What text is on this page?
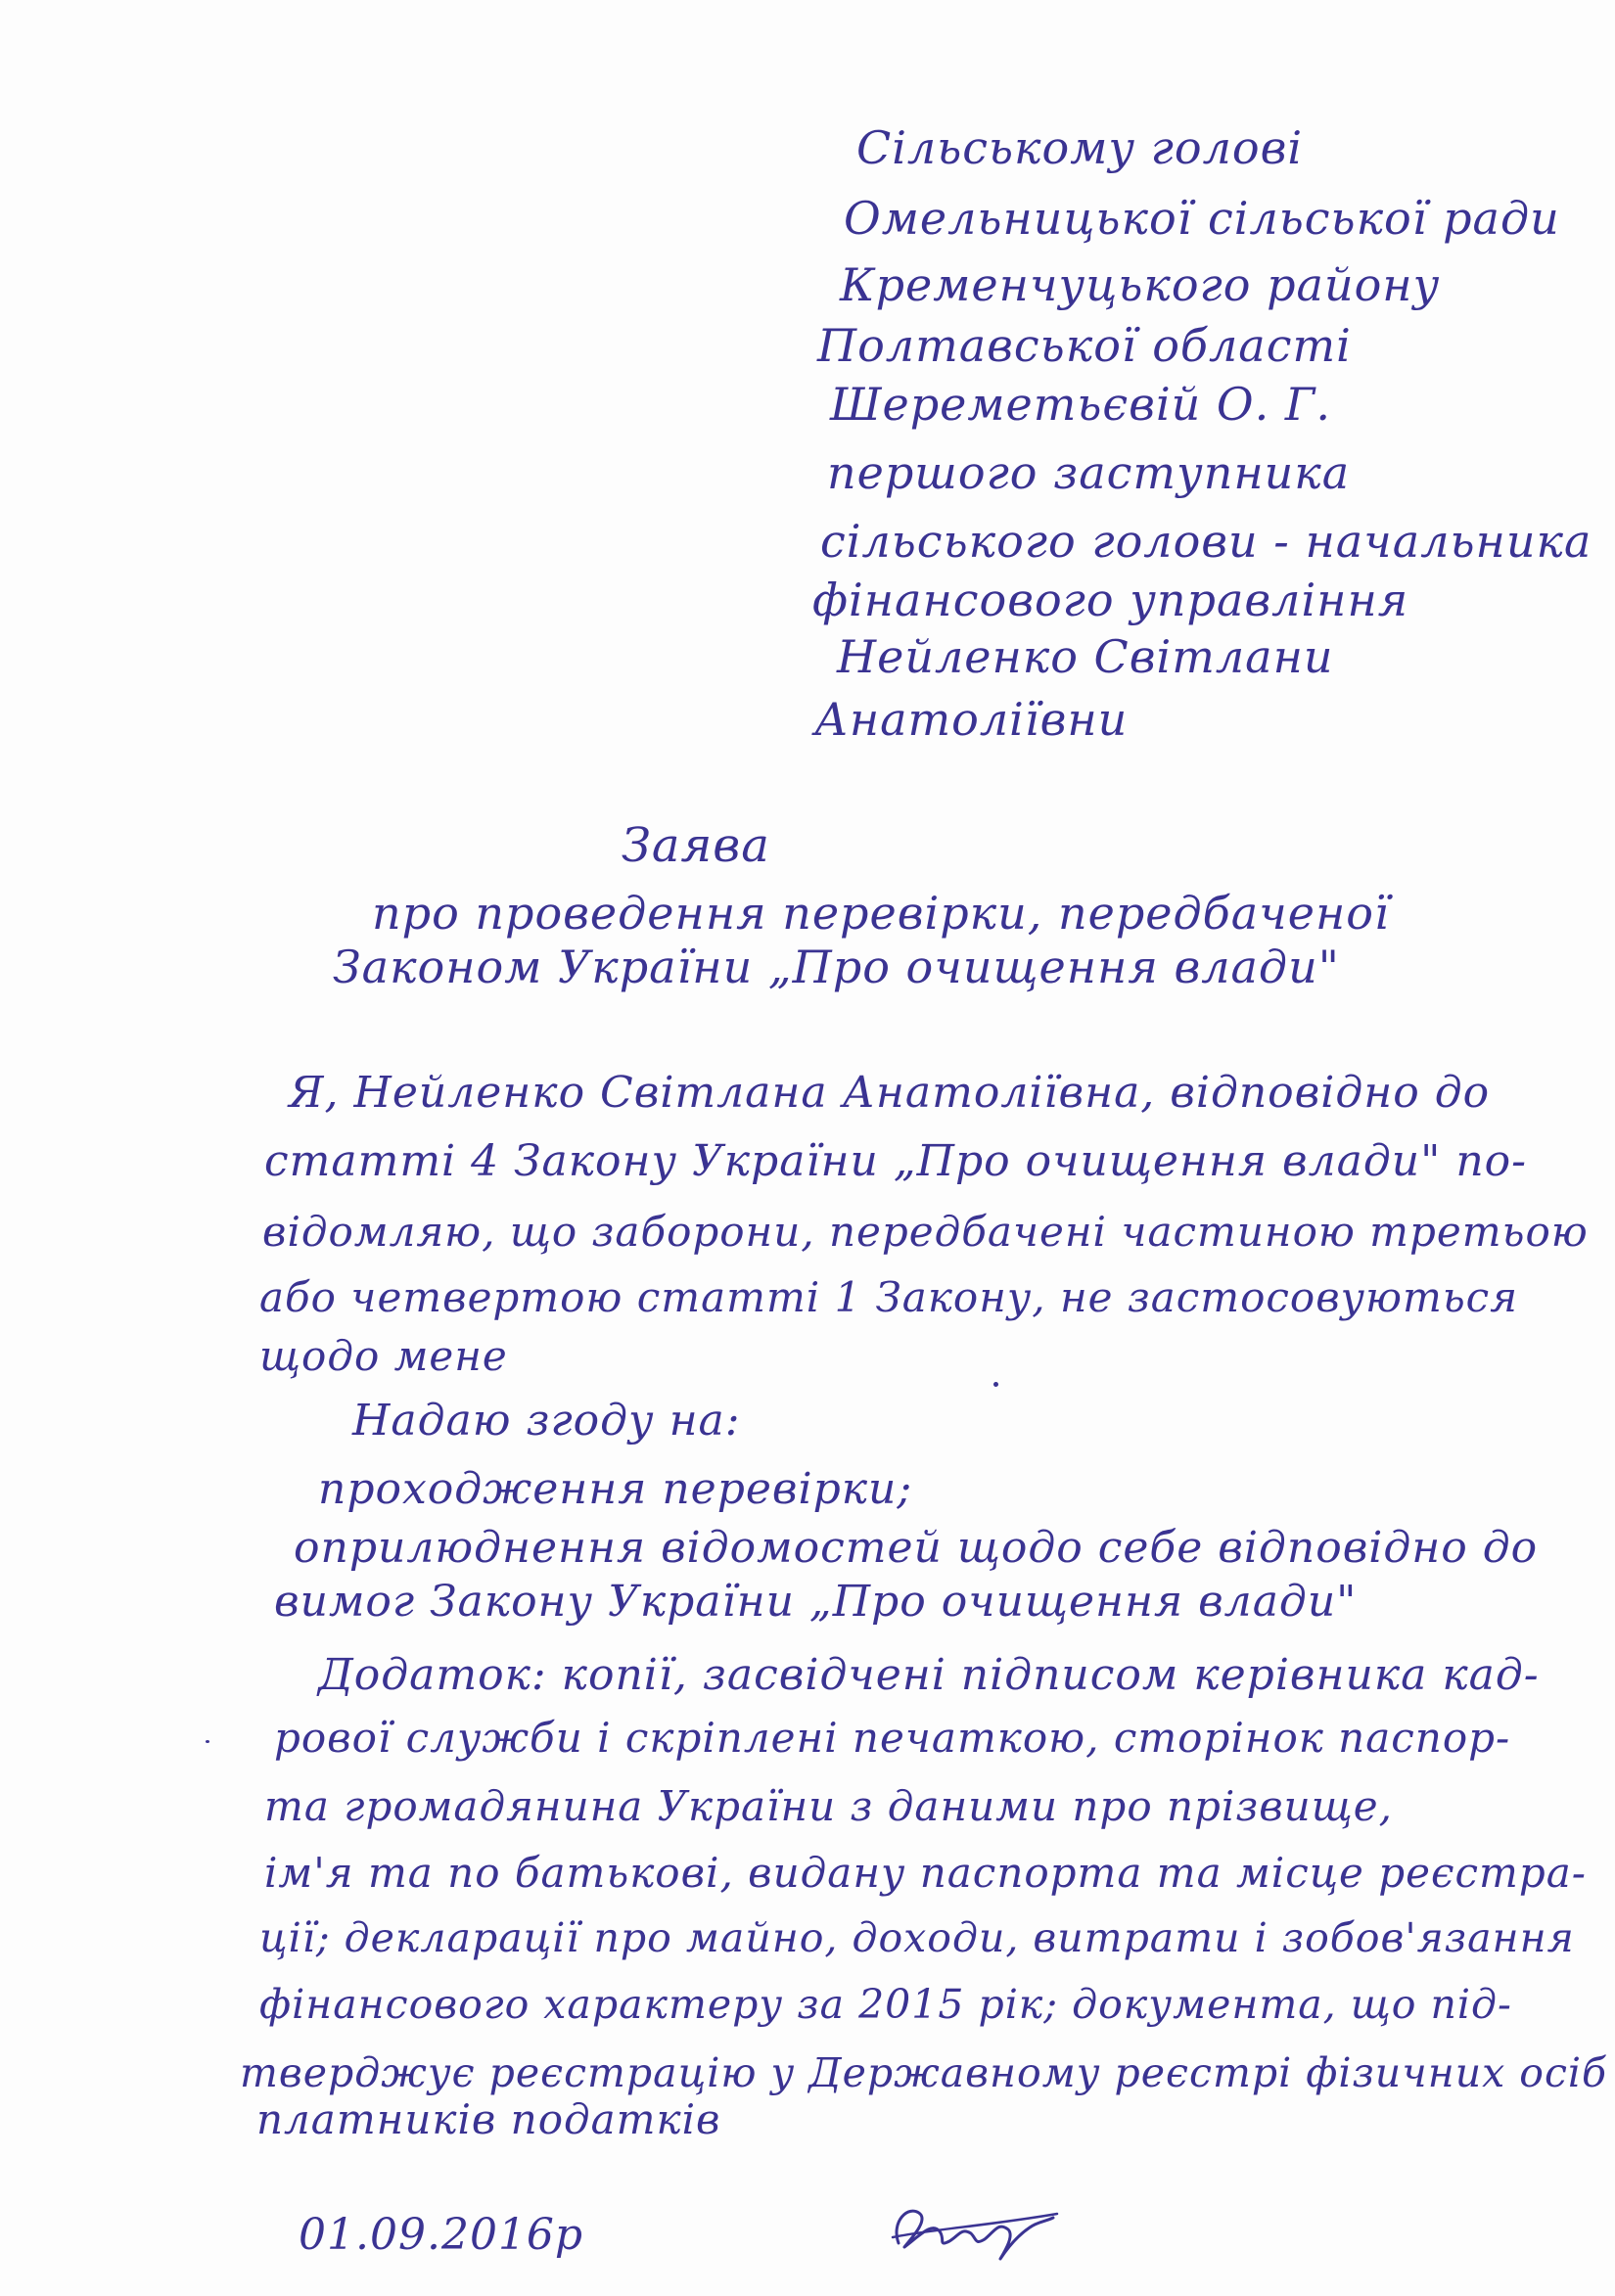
Сільському голові
Омельницької сільської ради
Кременчуцького району
Полтавської області
Шереметьєвій О. Г.
першого заступника
сільського голови - начальника
фінансового управління
Нейленко Світлани
Анатоліївни
Заява
про проведення перевірки, передбаченої
Законом України „Про очищення влади"
Я, Нейленко Світлана Анатоліївна, відповідно до
статті 4 Закону України „Про очищення влади" по-
відомляю, що заборони, передбачені частиною третьою
або четвертою статті 1 Закону, не застосовуються
щодо мене
Надаю згоду на:
проходження перевірки;
оприлюднення відомостей щодо себе відповідно до
вимог Закону України „Про очищення влади"
Додаток: копії, засвідчені підписом керівника кад-
рової служби і скріплені печаткою, сторінок паспор-
та громадянина України з даними про прізвище,
ім'я та по батькові, видану паспорта та місце реєстра-
ції; декларації про майно, доходи, витрати і зобов'язання
фінансового характеру за 2015 рік; документа, що під-
тверджує реєстрацію у Державному реєстрі фізичних осіб
платників податків
01.09.2016р
